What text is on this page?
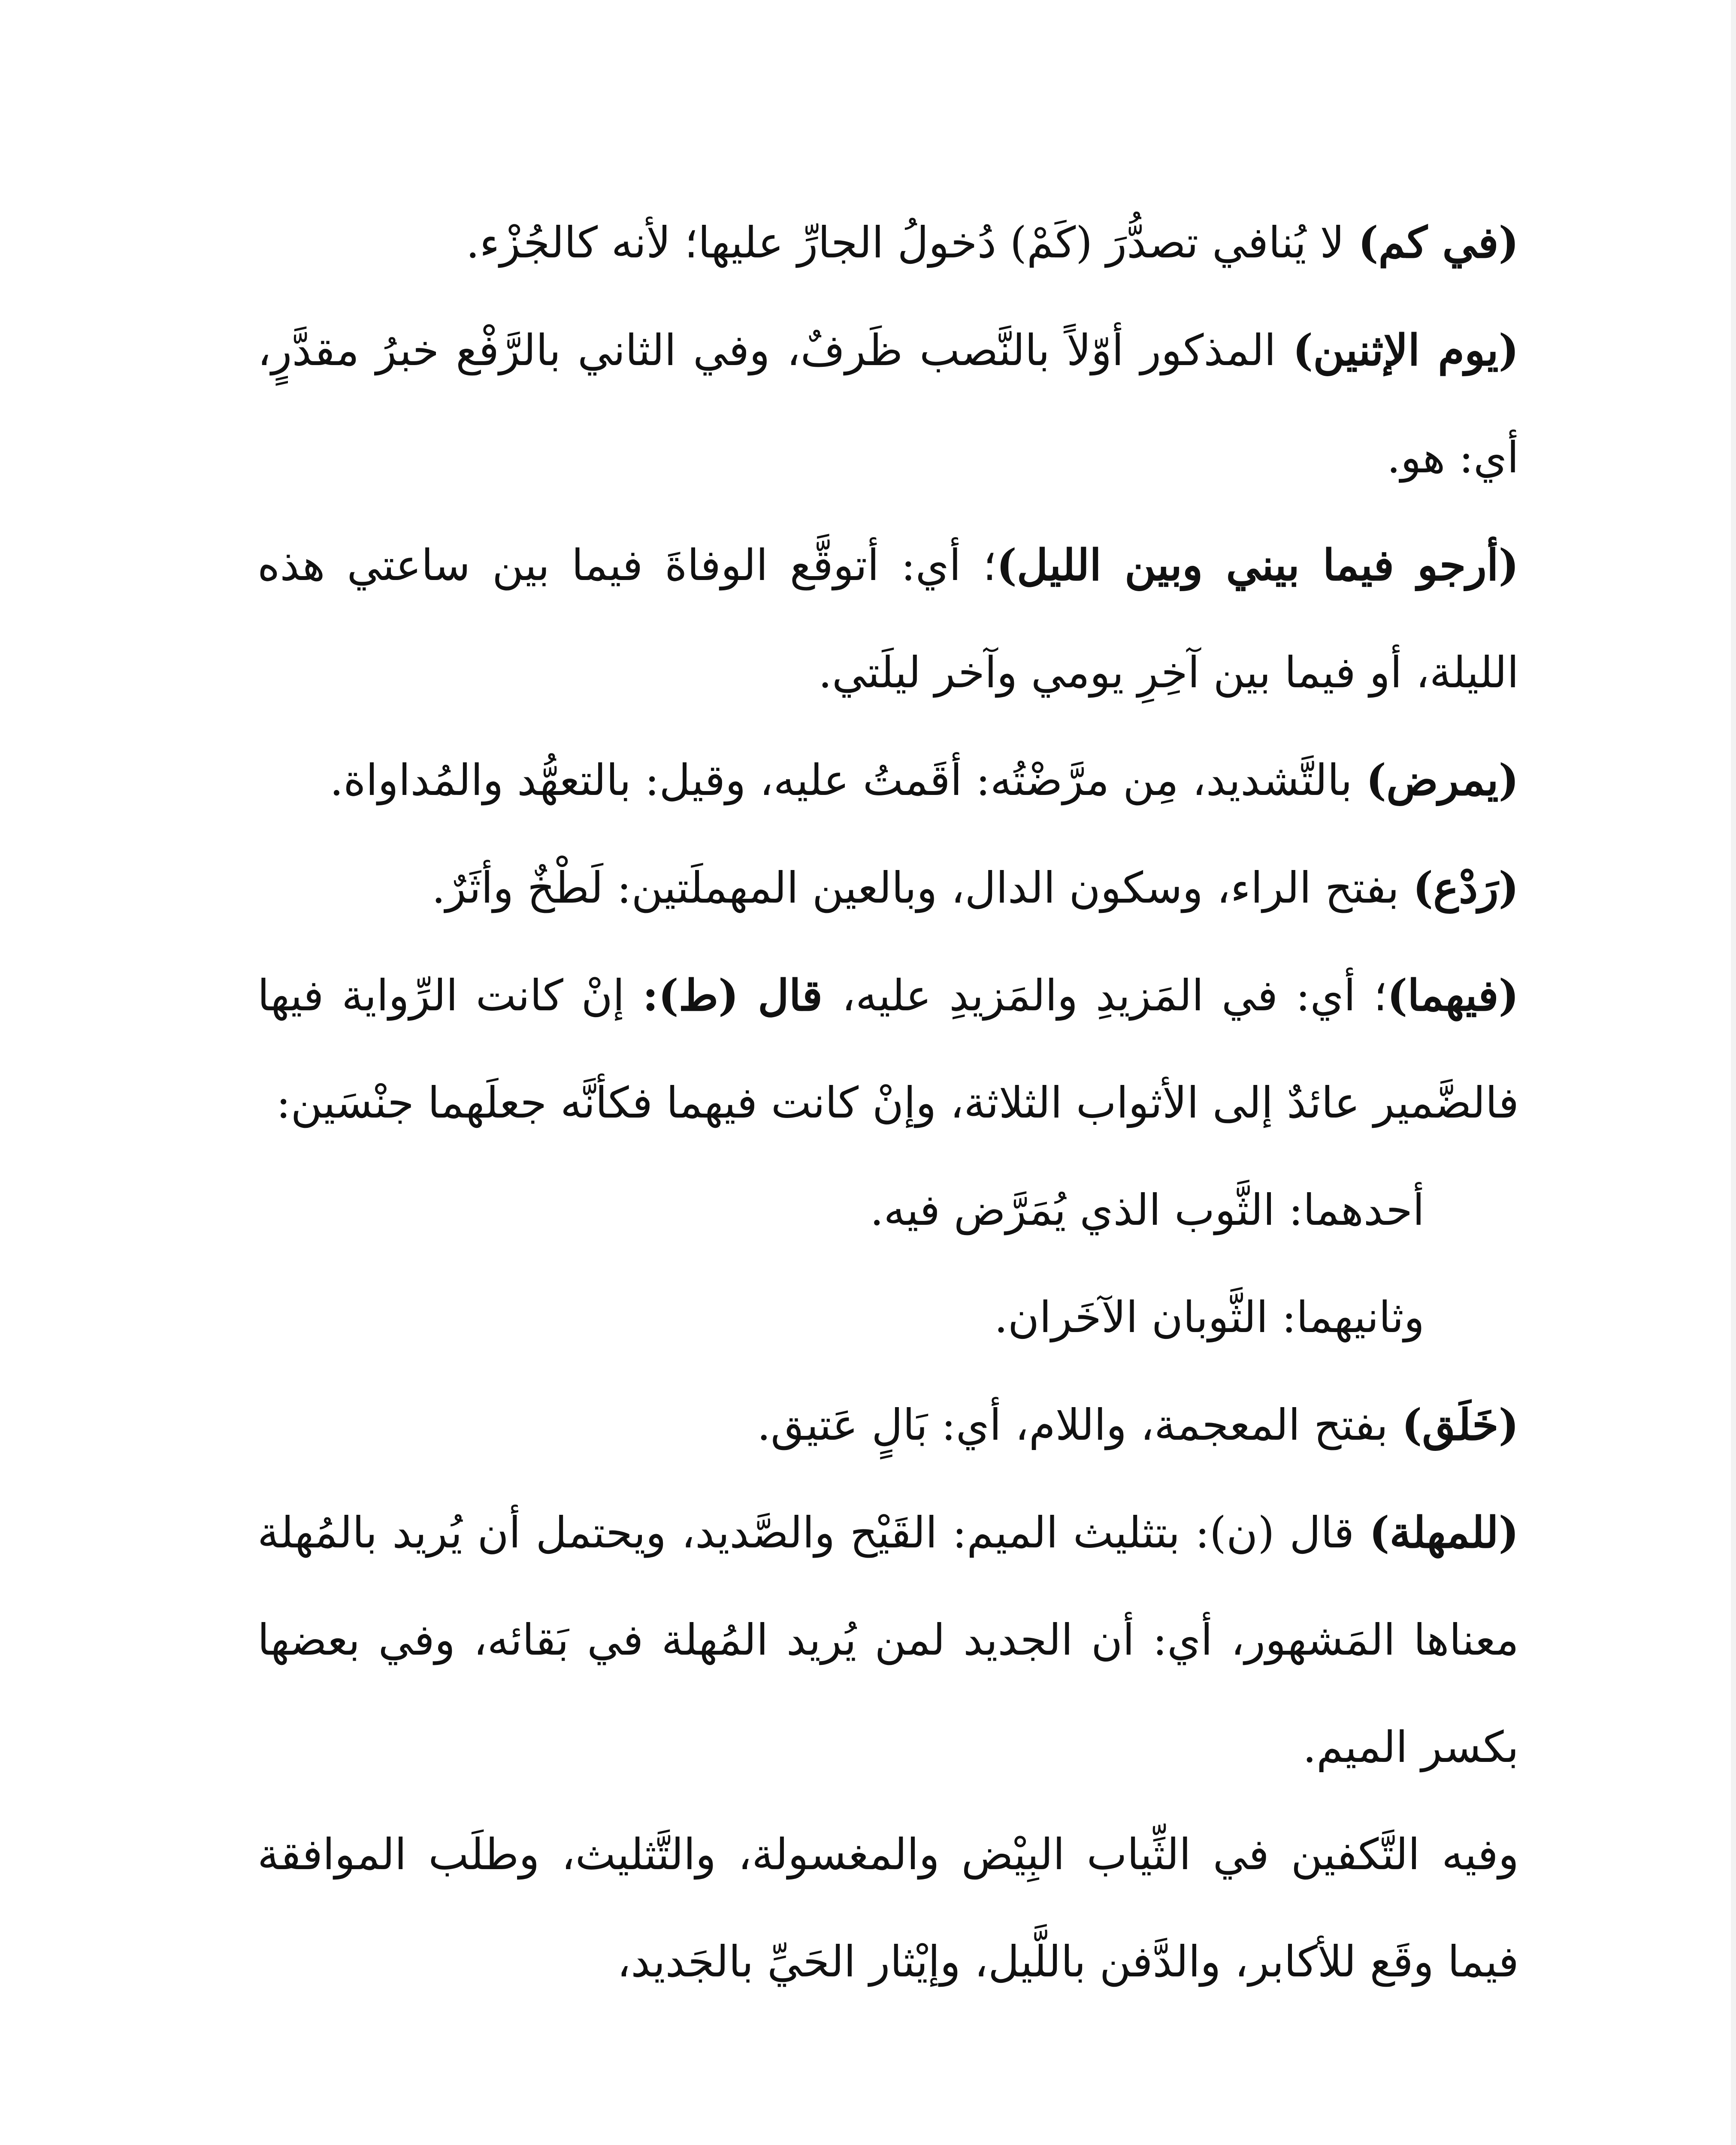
(في كم) لا يُنافي تصدُّرَ (كَمْ) دُخولُ الجارِّ عليها؛ لأنه كالجُزْء.

(يوم الإثنين) المذكور أوّلاً بالنَّصب ظَرفٌ، وفي الثاني بالرَّفْع خبرُ مقدَّرٍ، أي: هو.

(أرجو فيما بيني وبين الليل)؛ أي: أتوقَّع الوفاةَ فيما بين ساعتي هذه الليلة، أو فيما بين آخِرِ يومي وآخر ليلَتي.

(يمرض) بالتَّشديد، مِن مرَّضْتُه: أقَمتُ عليه، وقيل: بالتعهُّد والمُداواة.

(رَدْع) بفتح الراء، وسكون الدال، وبالعين المهملَتين: لَطْخٌ وأثَرٌ.

(فيهما)؛ أي: في المَزيدِ والمَزيدِ عليه، قال (ط): إنْ كانت الرِّواية فيها فالضَّمير عائدٌ إلى الأثواب الثلاثة، وإنْ كانت فيهما فكأنَّه جعلَهما جنْسَين:

أحدهما: الثَّوب الذي يُمَرَّض فيه.

وثانيهما: الثَّوبان الآخَران.

(خَلَق) بفتح المعجمة، واللام، أي: بَالٍ عَتيق.

(للمهلة) قال (ن): بتثليث الميم: القَيْح والصَّديد، ويحتمل أن يُريد بالمُهلة معناها المَشهور، أي: أن الجديد لمن يُريد المُهلة في بَقائه، وفي بعضها بكسر الميم.

وفيه التَّكفين في الثِّياب البِيْض والمغسولة، والتَّثليث، وطلَب الموافقة فيما وقَع للأكابر، والدَّفن باللَّيل، وإيْثار الحَيِّ بالجَديد،
